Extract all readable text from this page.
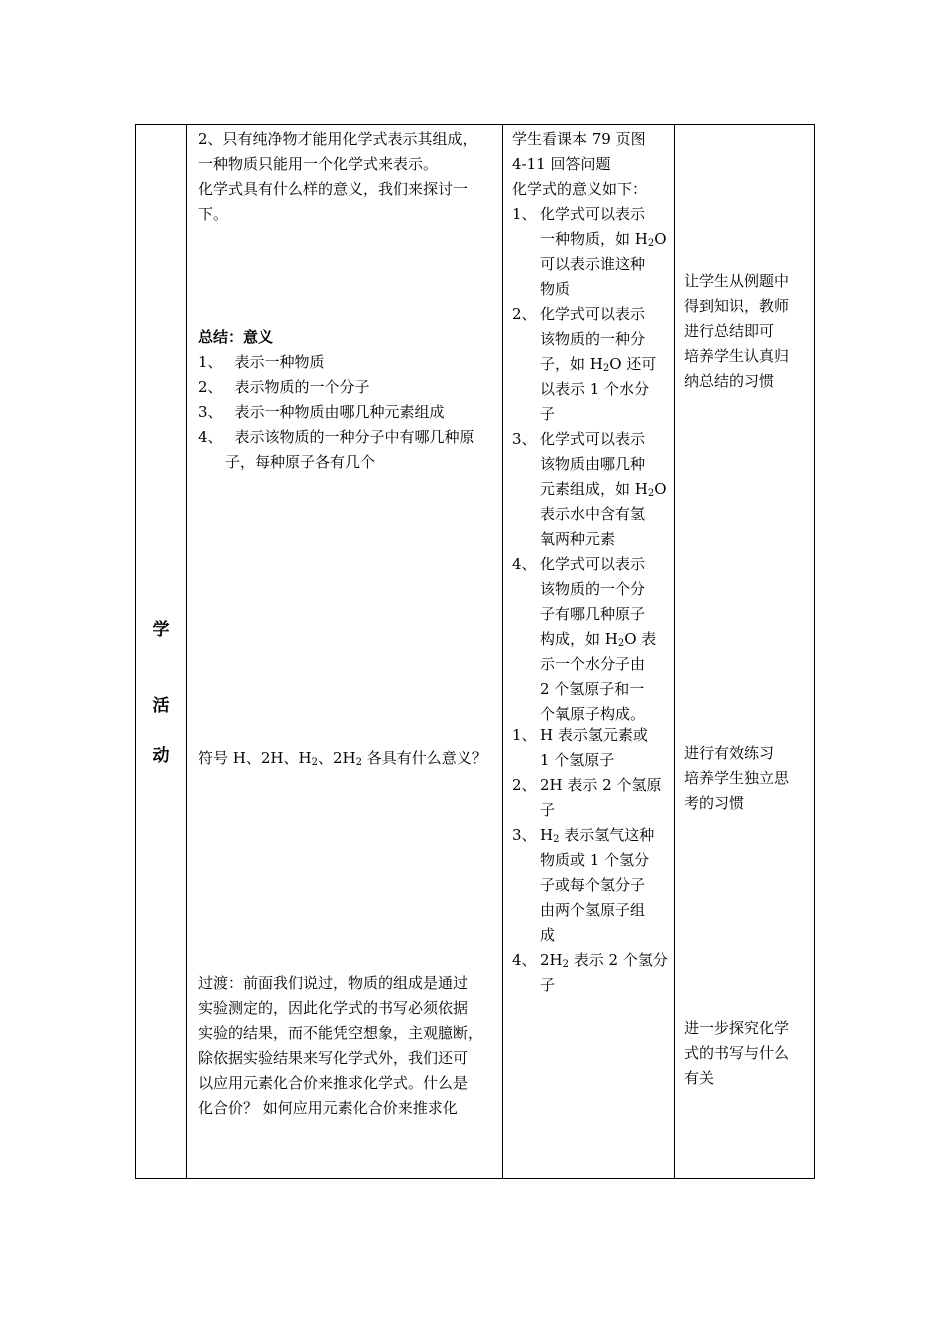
学
活
动
2、只有纯净物才能用化学式表示其组成，
一种物质只能用一个化学式来表示。
化学式具有什么样的意义，我们来探讨一
下。
总结：意义
1、 表示一种物质
2、 表示物质的一个分子
3、 表示一种物质由哪几种元素组成
4、 表示该物质的一种分子中有哪几种原
子，每种原子各有几个
符号 H、2H、$H_2$、$2H_2$ 各具有什么意义？
过渡：前面我们说过，物质的组成是通过
实验测定的，因此化学式的书写必须依据
实验的结果，而不能凭空想象，主观臆断，
除依据实验结果来写化学式外，我们还可
以应用元素化合价来推求化学式。什么是
化合价？ 如何应用元素化合价来推求化
学生看课本 79 页图
4-11 回答问题
化学式的意义如下：
1、 化学式可以表示
一种物质，如 $H_2O$
可以表示谁这种
物质
2、 化学式可以表示
该物质的一种分
子，如 $H_2O$ 还可
以表示 1 个水分
子
3、 化学式可以表示
该物质由哪几种
元素组成，如 $H_2O$
表示水中含有氢
氧两种元素
4、 化学式可以表示
该物质的一个分
子有哪几种原子
构成，如 $H_2O$ 表
示一个水分子由
2 个氢原子和一
个氧原子构成。
1、 H 表示氢元素或
1 个氢原子
2、 2H 表示 2 个氢原
子
3、 $H_2$ 表示氢气这种
物质或 1 个氢分
子或每个氢分子
由两个氢原子组
成
4、 $2H_2$ 表示 2 个氢分
子
让学生从例题中
得到知识，教师
进行总结即可
培养学生认真归
纳总结的习惯
进行有效练习
培养学生独立思
考的习惯
进一步探究化学
式的书写与什么
有关
